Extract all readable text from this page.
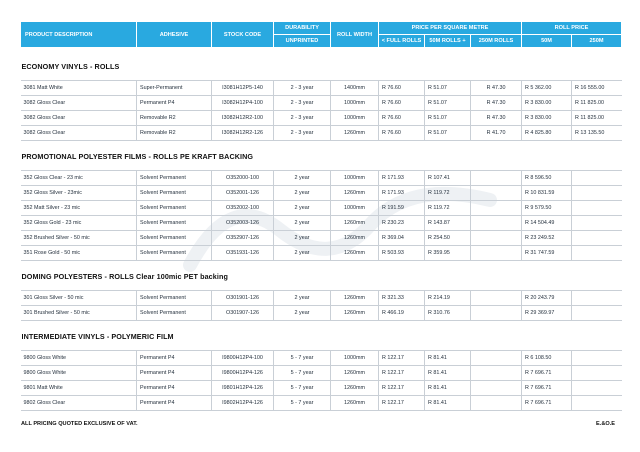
PRODUCT DESCRIPTION	ADHESIVE	STOCK CODE	DURABILITY	ROLL WIDTH	PRICE PER SQUARE METRE			ROLL PRICE	
			UNPRINTED		< FULL ROLLS	50M ROLLS +	250M ROLLS	50M	250M

ECONOMY VINYLS - ROLLS									

3081 Matt White	Super-Permanent	I3081H12P5-140	2 - 3 year	1400mm	R 76.60	R 51.07	R 47.30	R 5 362.00	R 16 555.00
3082 Gloss Clear	Permanent P4	I3082H12P4-100	2 - 3 year	1000mm	R 76.60	R 51.07	R 47.30	R 3 830.00	R 11 825.00
3082 Gloss Clear	Removable R2	I3082H12R2-100	2 - 3 year	1000mm	R 76.60	R 51.07	R 47.30	R 3 830.00	R 11 825.00
3082 Gloss Clear	Removable R2	I3082H12R2-126	2 - 3 year	1260mm	R 76.60	R 51.07	R 41.70	R 4 825.80	R 13 135.50

PROMOTIONAL POLYESTER FILMS - ROLLS PE KRAFT BACKING									

352 Gloss Clear - 23 mic	Solvent Permanent	O352000-100	2 year	1000mm	R 171.93	R 107.41		R 8 596.50	
352 Gloss Silver - 23mic	Solvent Permanent	O352001-126	2 year	1260mm	R 171.93	R 119.72		R 10 831.59	
352 Matt Silver - 23 mic	Solvent Permanent	O352002-100	2 year	1000mm	R 191.59	R 119.72		R 9 579.50	
352 Gloss Gold - 23 mic	Solvent Permanent	O352003-126	2 year	1260mm	R 230.23	R 143.87		R 14 504.49	
352 Brushed Silver - 50 mic	Solvent Permanent	O352907-126	2 year	1260mm	R 369.04	R 254.50		R 23 249.52	
351 Rose Gold - 50 mic	Solvent Permanent	O351931-126	2 year	1260mm	R 503.93	R 359.95		R 31 747.59	

DOMING POLYESTERS - ROLLS Clear 100mic PET backing									

301 Gloss Silver - 50 mic	Solvent Permanent	O301901-126	2 year	1260mm	R 321.33	R 214.19		R 20 243.79	
301 Brushed Silver - 50 mic	Solvent Permanent	O301907-126	2 year	1260mm	R 466.19	R 310.76		R 29 369.97	

INTERMEDIATE VINYLS - POLYMERIC FILM									

9800 Gloss White	Permanent P4	I9800H12P4-100	5 - 7 year	1000mm	R 122.17	R 81.41		R 6 108.50	
9800 Gloss White	Permanent P4	I9800H12P4-126	5 - 7 year	1260mm	R 122.17	R 81.41		R 7 696.71	
9801 Matt White	Permanent P4	I9801H12P4-126	5 - 7 year	1260mm	R 122.17	R 81.41		R 7 696.71	
9802 Gloss Clear	Permanent P4	I9802H12P4-126	5 - 7 year	1260mm	R 122.17	R 81.41		R 7 696.71	
ALL PRICING QUOTED EXCLUSIVE OF VAT.	E.&O.E
